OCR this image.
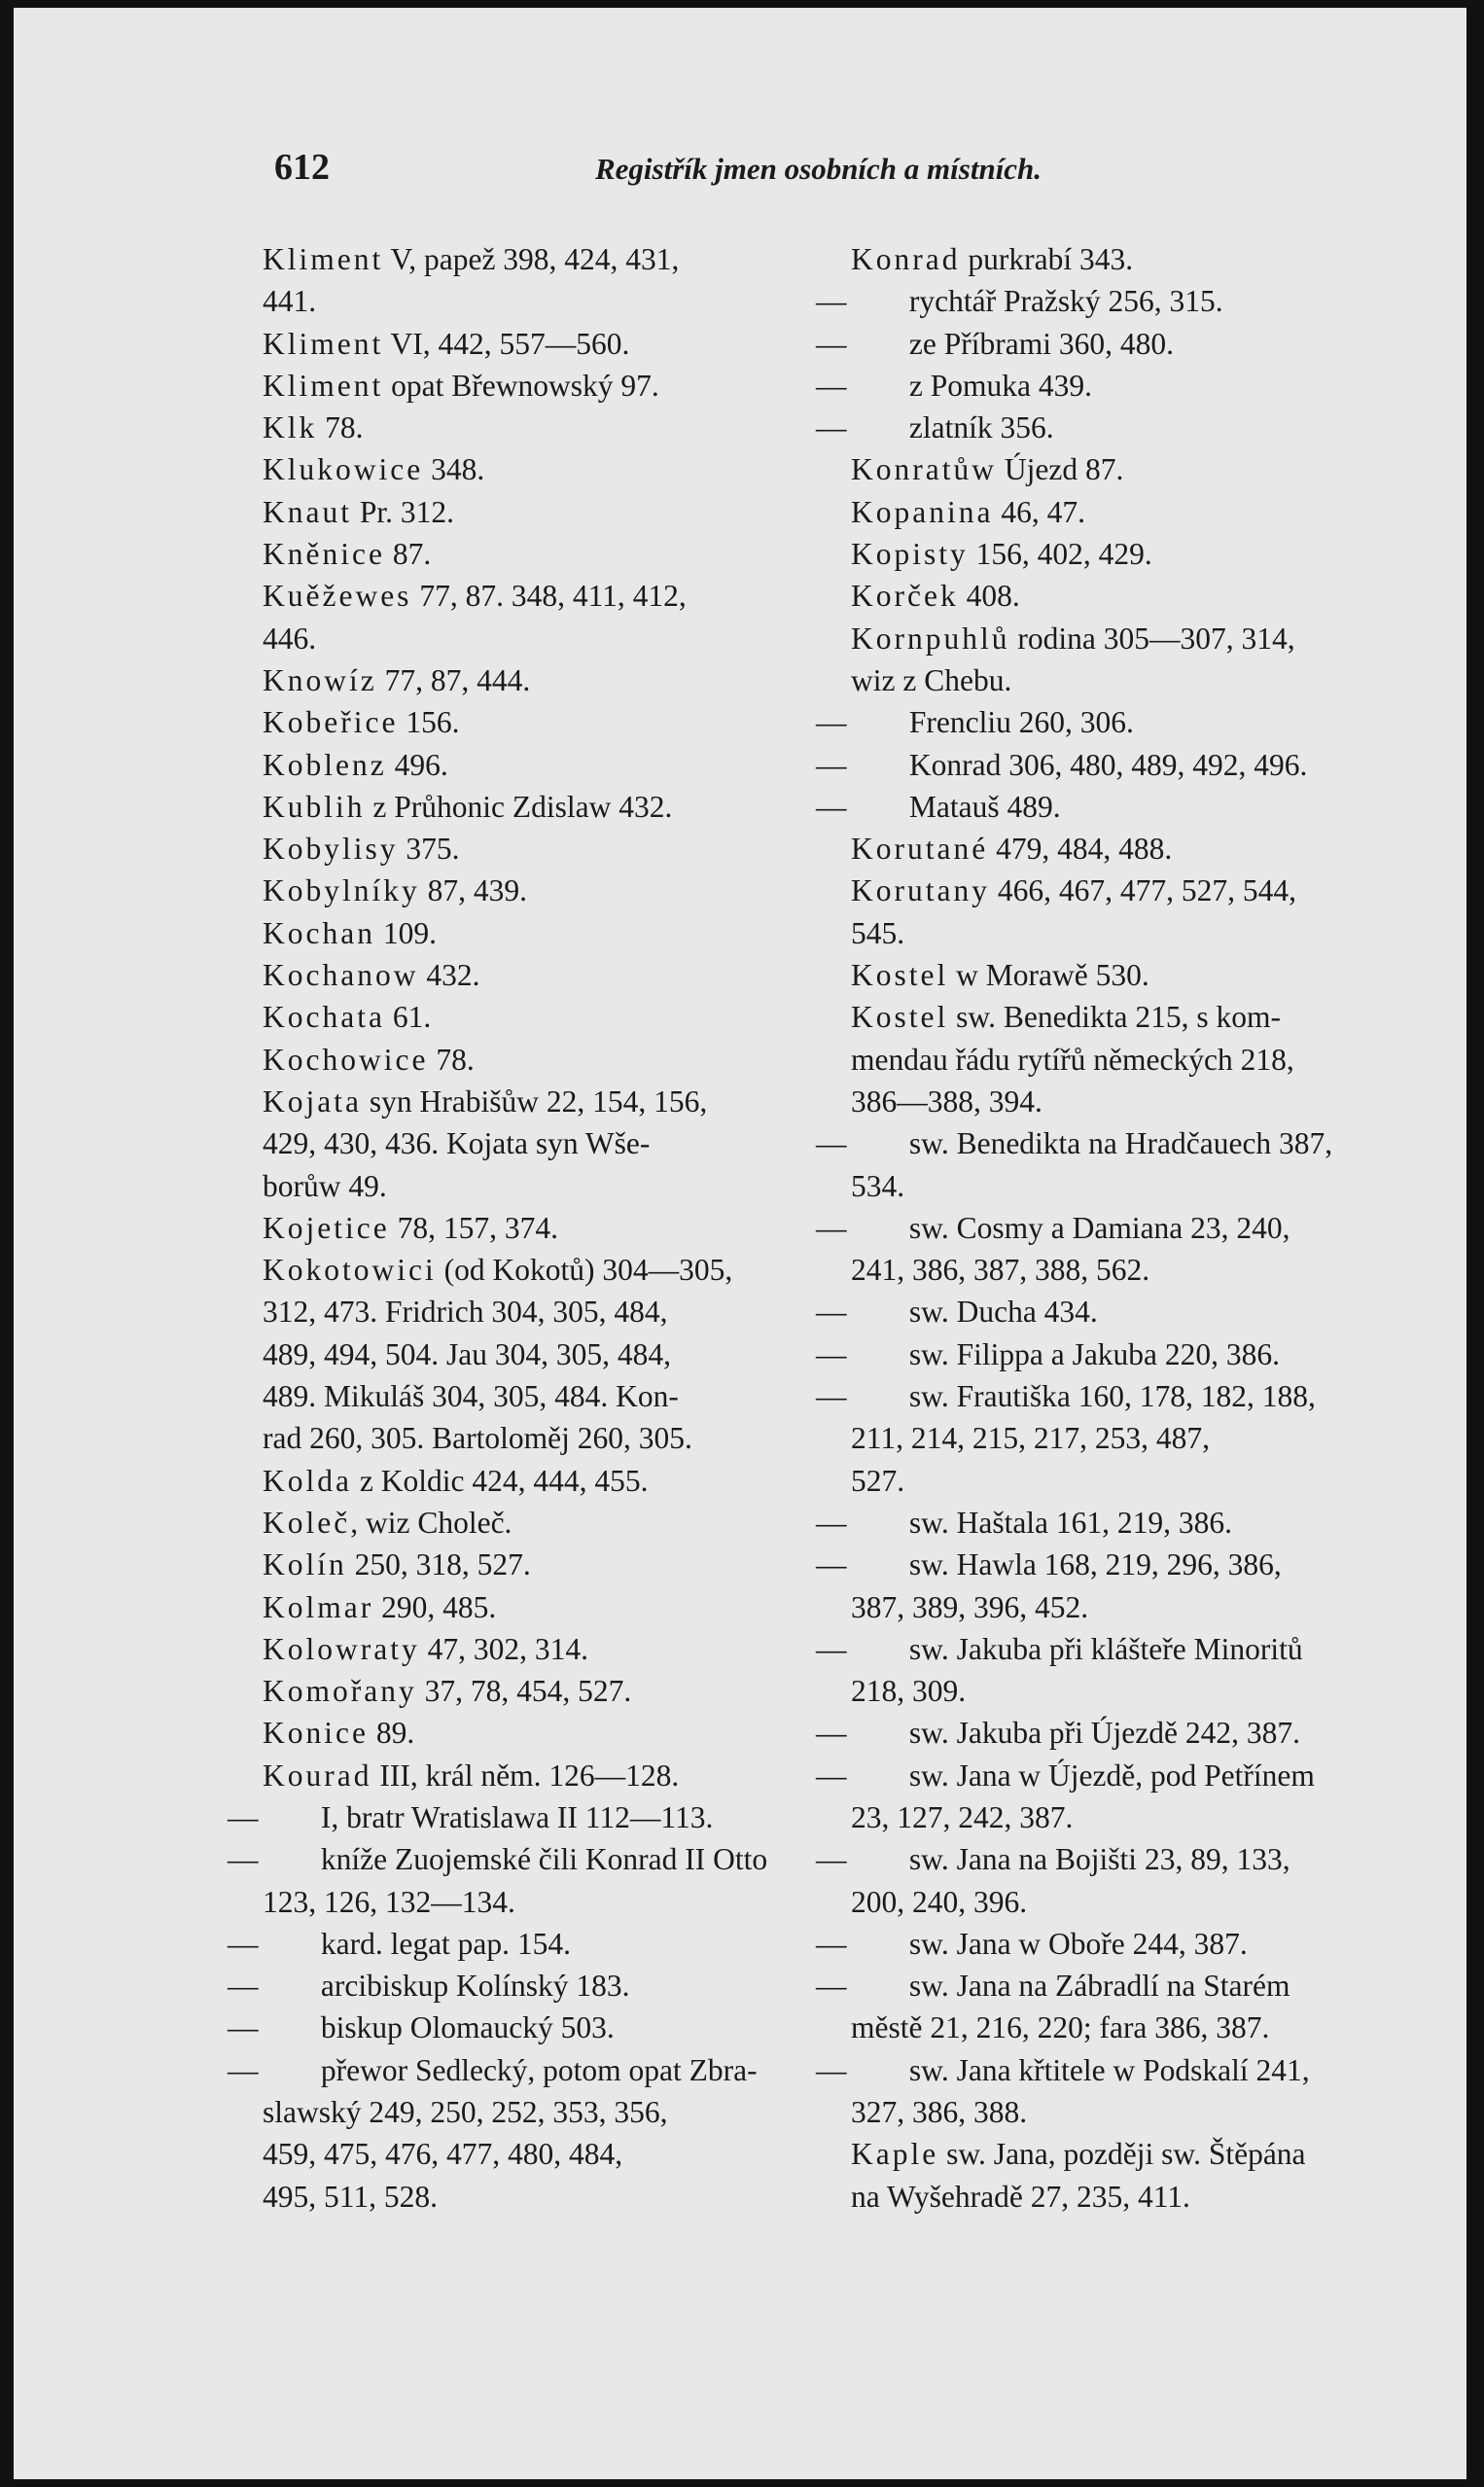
612	Registřík jmen osobních a místních.
Kliment V, papež 398, 424, 431,
441.
Kliment VI, 442, 557—560.
Kliment opat Břewnowský 97.
Klk 78.
Klukowice 348.
Knaut Pr. 312.
Kněnice 87.
Kuěžewes 77, 87. 348, 411, 412,
446.
Knowíz 77, 87, 444.
Kobeřice 156.
Koblenz 496.
Kublih z Průhonic Zdislaw 432.
Kobylisy 375.
Kobylníky 87, 439.
Kochan 109.
Kochanow 432.
Kochata 61.
Kochowice 78.
Kojata syn Hrabišůw 22, 154, 156,
429, 430, 436. Kojata syn Wše-
borůw 49.
Kojetice 78, 157, 374.
Kokotowici (od Kokotů) 304—305,
312, 473. Fridrich 304, 305, 484,
489, 494, 504. Jau 304, 305, 484,
489. Mikuláš 304, 305, 484. Kon-
rad 260, 305. Bartoloměj 260, 305.
Kolda z Koldic 424, 444, 455.
Koleč, wiz Choleč.
Kolín 250, 318, 527.
Kolmar 290, 485.
Kolowraty 47, 302, 314.
Komořany 37, 78, 454, 527.
Konice 89.
Kourad III, král něm. 126—128.
— I, bratr Wratislawa II 112—113.
— kníže Zuojemské čili Konrad II Otto
123, 126, 132—134.
— kard. legat pap. 154.
— arcibiskup Kolínský 183.
— biskup Olomaucký 503.
— přewor Sedlecký, potom opat Zbra-
slawský 249, 250, 252, 353, 356,
459, 475, 476, 477, 480, 484,
495, 511, 528.
Konrad purkrabí 343.
— rychtář Pražský 256, 315.
— ze Příbrami 360, 480.
— z Pomuka 439.
— zlatník 356.
Konratůw Újezd 87.
Kopanina 46, 47.
Kopisty 156, 402, 429.
Korček 408.
Kornpuhlů rodina 305—307, 314,
wiz z Chebu.
— Frencliu 260, 306.
— Konrad 306, 480, 489, 492, 496.
— Matauš 489.
Korutané 479, 484, 488.
Korutany 466, 467, 477, 527, 544,
545.
Kostel w Morawě 530.
Kostel sw. Benedikta 215, s kom-
mendau řádu rytířů německých 218,
386—388, 394.
— sw. Benedikta na Hradčauech 387,
534.
— sw. Cosmy a Damiana 23, 240,
241, 386, 387, 388, 562.
— sw. Ducha 434.
— sw. Filippa a Jakuba 220, 386.
— sw. Frautiška 160, 178, 182, 188,
211, 214, 215, 217, 253, 487,
527.
— sw. Haštala 161, 219, 386.
— sw. Hawla 168, 219, 296, 386,
387, 389, 396, 452.
— sw. Jakuba při klášteře Minoritů
218, 309.
— sw. Jakuba při Újezdě 242, 387.
— sw. Jana w Újezdě, pod Petřínem
23, 127, 242, 387.
— sw. Jana na Bojišti 23, 89, 133,
200, 240, 396.
— sw. Jana w Oboře 244, 387.
— sw. Jana na Zábradlí na Starém
městě 21, 216, 220; fara 386, 387.
— sw. Jana křtitele w Podskalí 241,
327, 386, 388.
Kaple sw. Jana, později sw. Štěpána
na Wyšehradě 27, 235, 411.
